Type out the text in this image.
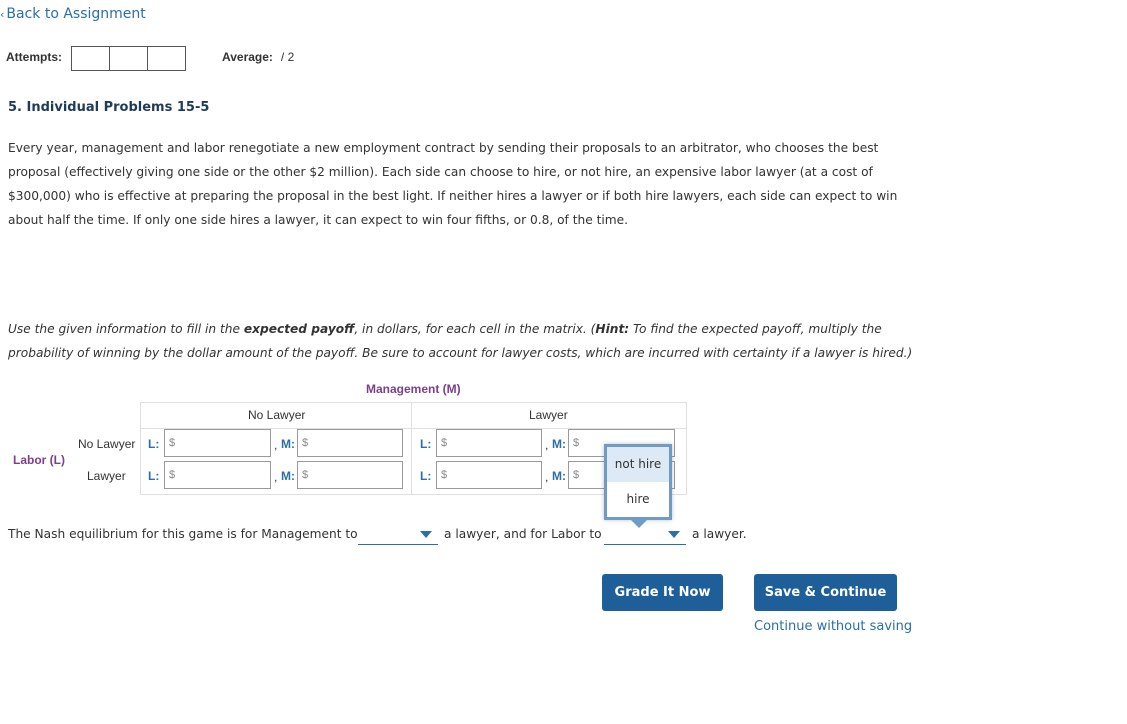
‹ Back to Assignment
Attempts:	Average: / 2
5. Individual Problems 15-5
Every year, management and labor renegotiate a new employment contract by sending their proposals to an arbitrator, who chooses the best proposal (effectively giving one side or the other $2 million). Each side can choose to hire, or not hire, an expensive labor lawyer (at a cost of $300,000) who is effective at preparing the proposal in the best light. If neither hires a lawyer or if both hire lawyers, each side can expect to win about half the time. If only one side hires a lawyer, it can expect to win four fifths, or 0.8, of the time.
Use the given information to fill in the expected payoff, in dollars, for each cell in the matrix. (Hint: To find the expected payoff, multiply the probability of winning by the dollar amount of the payoff. Be sure to account for lawyer costs, which are incurred with certainty if a lawyer is hired.)
Management (M)
Labor (L)
No Lawyer	Lawyer
No Lawyer L: $	, M: $	L: $	, M: $
Lawyer L: $	, M: $	L: $	, M: $
The Nash equilibrium for this game is for Management to	a lawyer, and for Labor to	a lawyer.
not hire
hire
Grade It Now	Save & Continue
Continue without saving
